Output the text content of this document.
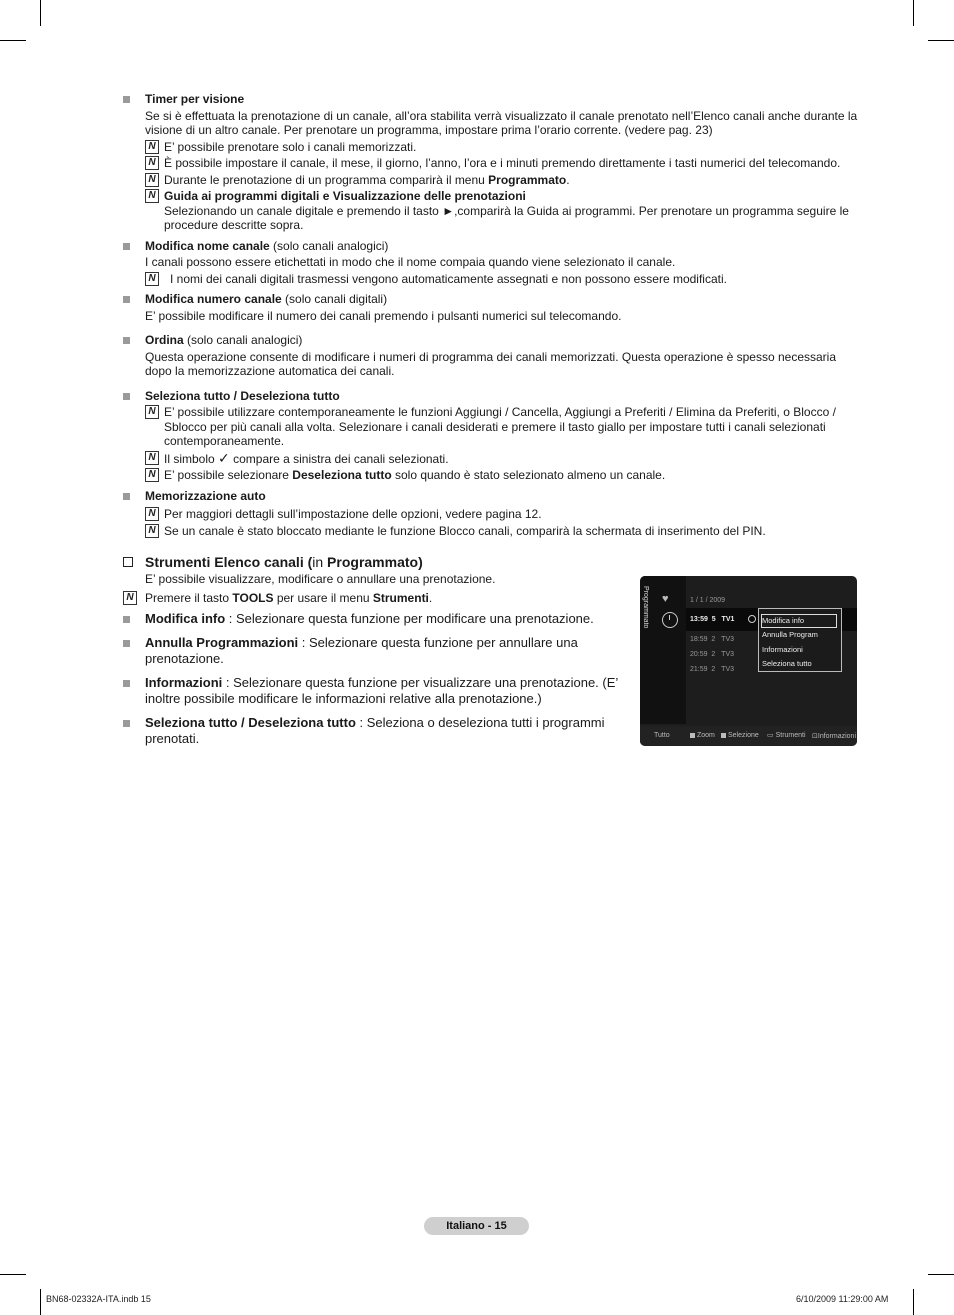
Timer per visione
Se si è effettuata la prenotazione di un canale, all’ora stabilita verrà visualizzato il canale prenotato nell’Elenco canali anche durante la visione di un altro canale. Per prenotare un programma, impostare prima l’orario corrente. (vedere pag. 23)
N E’ possibile prenotare solo i canali memorizzati.
N È possibile impostare il canale, il mese, il giorno, l’anno, l’ora e i minuti premendo direttamente i tasti numerici del telecomando.
N Durante le prenotazione di un programma comparirà il menu Programmato.
N Guida ai programmi digitali e Visualizzazione delle prenotazioni
Selezionando un canale digitale e premendo il tasto ►,comparirà la Guida ai programmi. Per prenotare un programma seguire le procedure descritte sopra.
Modifica nome canale (solo canali analogici)
I canali possono essere etichettati in modo che il nome compaia quando viene selezionato il canale.
N I nomi dei canali digitali trasmessi vengono automaticamente assegnati e non possono essere modificati.
Modifica numero canale (solo canali digitali)
E’ possibile modificare il numero dei canali premendo i pulsanti numerici sul telecomando.
Ordina (solo canali analogici)
Questa operazione consente di modificare i numeri di programma dei canali memorizzati. Questa operazione è spesso necessaria dopo la memorizzazione automatica dei canali.
Seleziona tutto / Deseleziona tutto
N E’ possibile utilizzare contemporaneamente le funzioni Aggiungi / Cancella, Aggiungi a Preferiti / Elimina da Preferiti, o Blocco / Sblocco per più canali alla volta. Selezionare i canali desiderati e premere il tasto giallo per impostare tutti i canali selezionati contemporaneamente.
N Il simbolo ✓ compare a sinistra dei canali selezionati.
N E’ possibile selezionare Deseleziona tutto solo quando è stato selezionato almeno un canale.
Memorizzazione auto
N Per maggiori dettagli sull’impostazione delle opzioni, vedere pagina 12.
N Se un canale è stato bloccato mediante le funzione Blocco canali, comparirà la schermata di inserimento del PIN.
Strumenti Elenco canali (in Programmato)
E’ possibile visualizzare, modificare o annullare una prenotazione.
N Premere il tasto TOOLS per usare il menu Strumenti.
Modifica info : Selezionare questa funzione per modificare una prenotazione.
Annulla Programmazioni : Selezionare questa funzione per annullare una prenotazione.
Informazioni : Selezionare questa funzione per visualizzare una prenotazione. (E’ inoltre possibile modificare le informazioni relative alla prenotazione.)
Seleziona tutto / Deseleziona tutto : Seleziona o deseleziona tutti i programmi prenotati.
Programmato ♥	1 / 1 / 2009
13:59 5 TV1
18:59 2 TV3
20:59 2 TV3
21:59 2 TV3
Modifica info
Annulla Program
Informazioni
Seleziona tutto
Tutto	Zoom	Selezione ▭ Strumenti ⊡Informazioni
Italiano - 15
BN68-02332A-ITA.indb 15	6/10/2009 11:29:00 AM
